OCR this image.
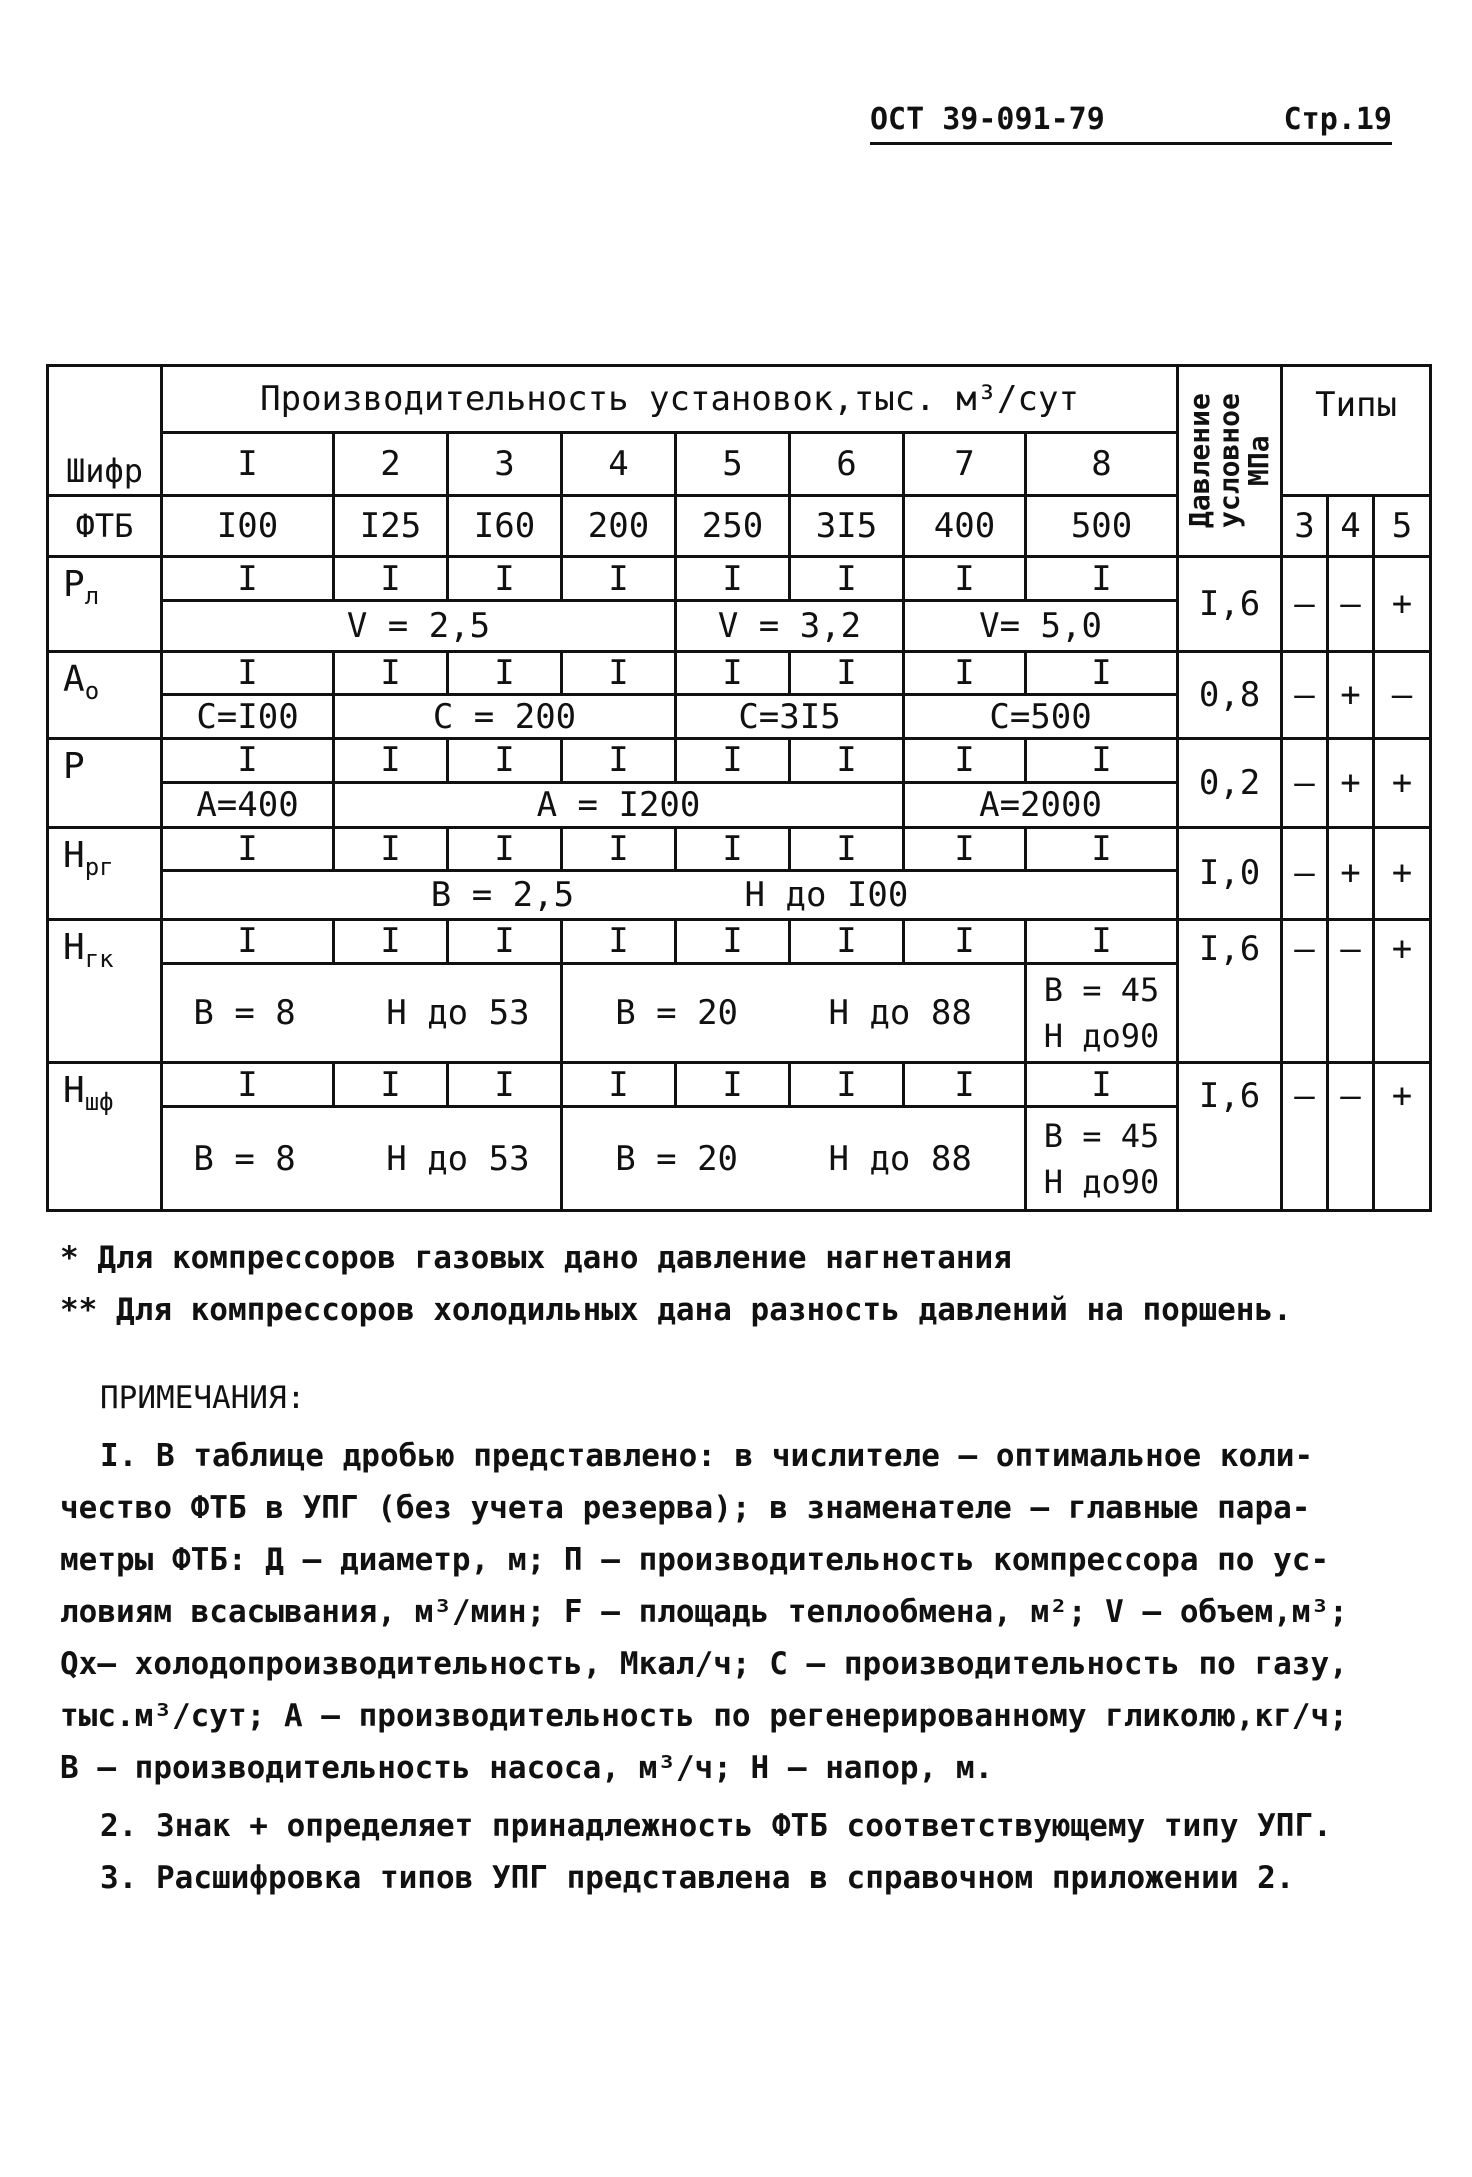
ОСТ 39-091-79	Стр.19
Шифр	Производительность установок,тыс. м³/сут								Давление условное МПа	Типы		
	I	2	3	4	5	6	7	8				
ФТБ	I00	I25	I60	200	250	3I5	400	500		3	4	5
$Р_л$	I	I	I	I	I	I	I	I	I,6	–	–	+
	V = 2,5				V = 3,2		V= 5,0					
$А_о$	I	I	I	I	I	I	I	I	0,8	–	+	–
	С=I00	С = 200			С=3I5		С=500					
Р	I	I	I	I	I	I	I	I	0,2	–	+	+
	А=400	А = I200					А=2000					
$Н_{рг}$	I	I	I	I	I	I	I	I	I,0	–	+	+
	В = 2,5 Н до I00											
$Н_{гк}$	I	I	I	I	I	I	I	I	I,6	–	–	+
	В = 8 Н до 53			В = 20 Н до 88				В = 45
Н до90				

$Н_{шф}$	I	I	I	I	I	I	I	I	I,6	–	–	+
	В = 8 Н до 53			В = 20 Н до 88				В = 45
Н до90				
* Для компрессоров газовых дано давление нагнетания
** Для компрессоров холодильных дана разность давлений на поршень.
ПРИМЕЧАНИЯ:
I. В таблице дробью представлено: в числителе – оптимальное коли-
чество ФТБ в УПГ (без учета резерва); в знаменателе – главные пара-
метры ФТБ: Д – диаметр, м; П – производительность компрессора по ус-
ловиям всасывания, м³/мин; F – площадь теплообмена, м²; V – объем,м³;
Qх– холодопроизводительность, Мкал/ч; С – производительность по газу,
тыс.м³/сут; А – производительность по регенерированному гликолю,кг/ч;
В – производительность насоса, м³/ч; Н – напор, м.
2. Знак + определяет принадлежность ФТБ соответствующему типу УПГ.
3. Расшифровка типов УПГ представлена в справочном приложении 2.
